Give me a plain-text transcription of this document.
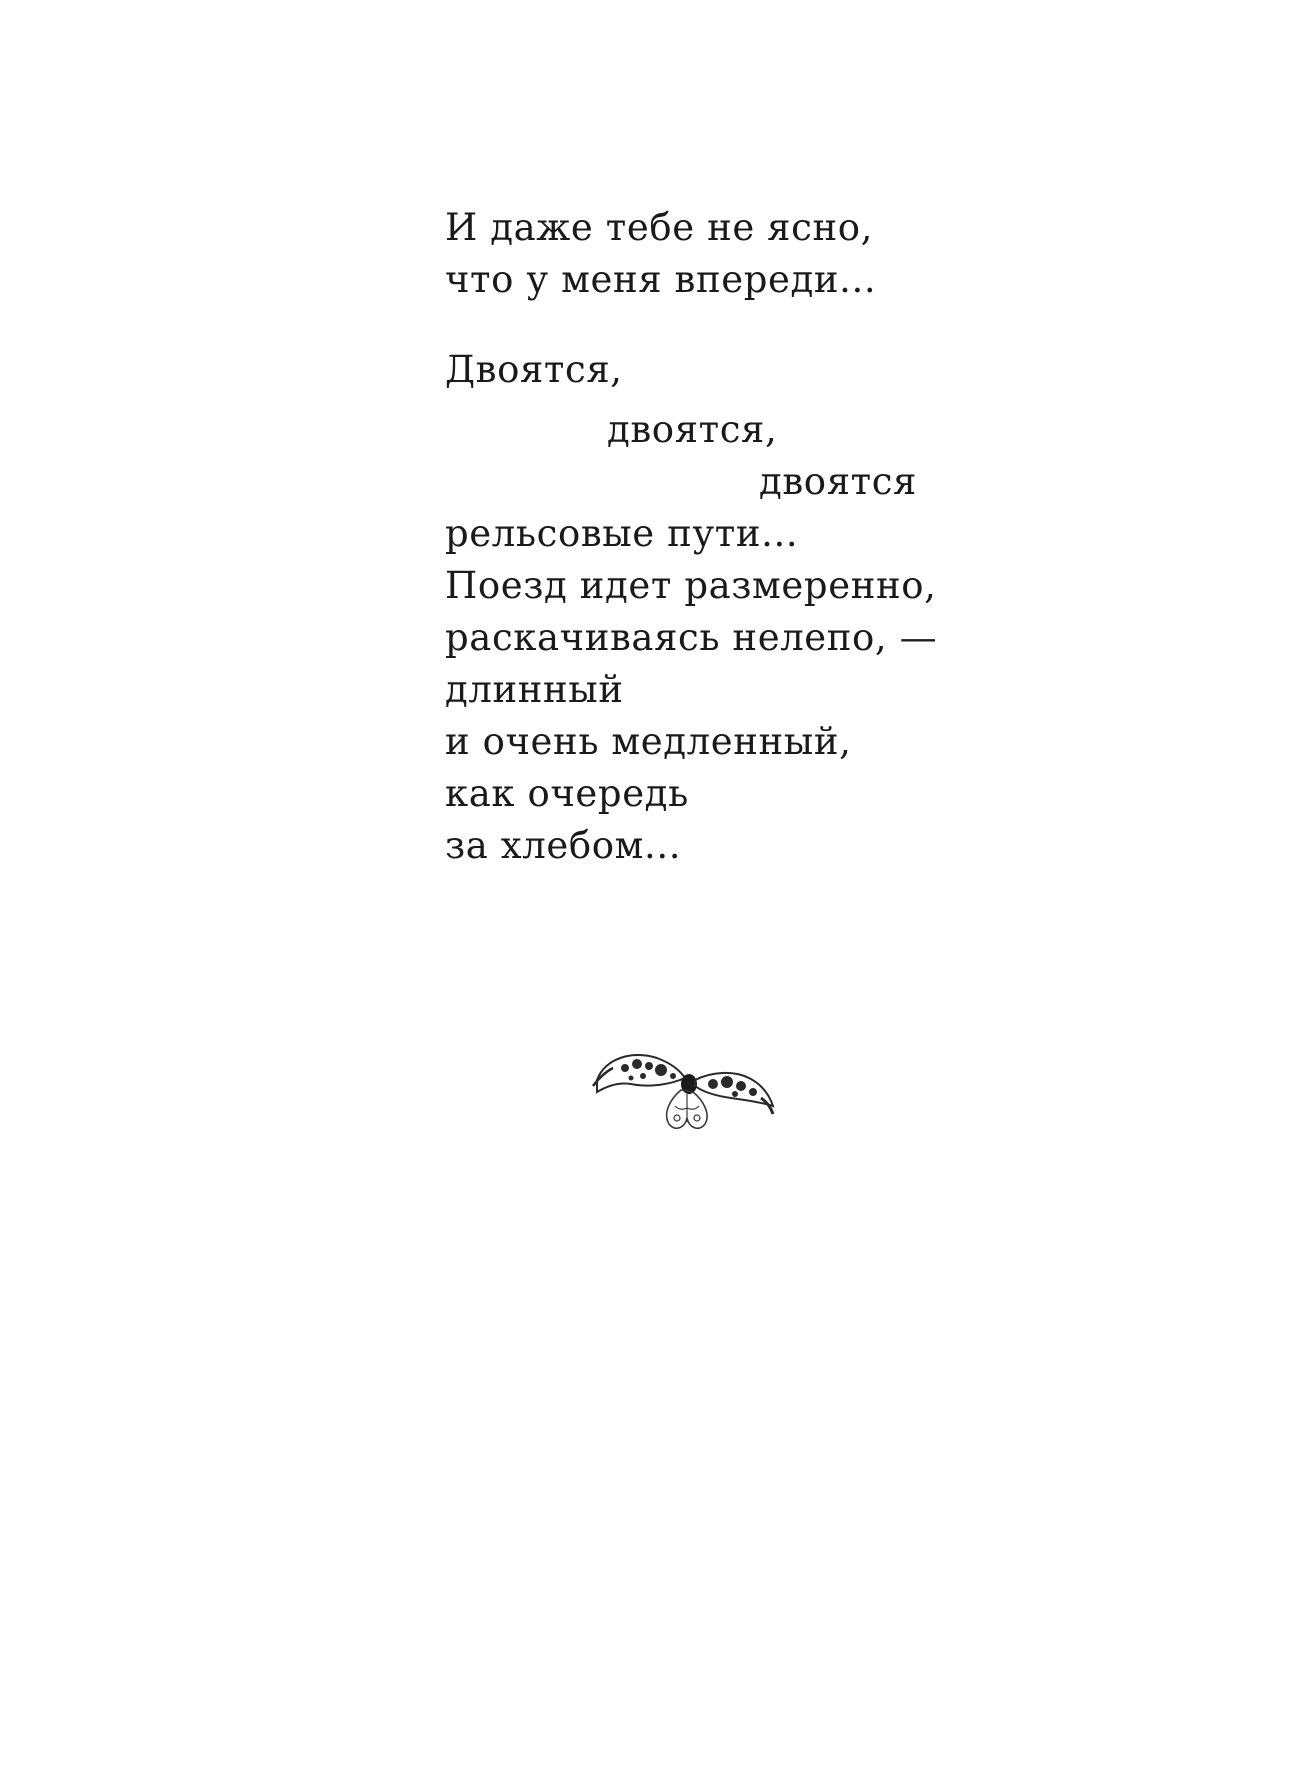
И даже тебе не ясно,
что у меня впереди...
Двоятся,
двоятся,
двоятся
рельсовые пути...
Поезд идет размеренно,
раскачиваясь нелепо, —
длинный
и очень медленный,
как очередь
за хлебом...
